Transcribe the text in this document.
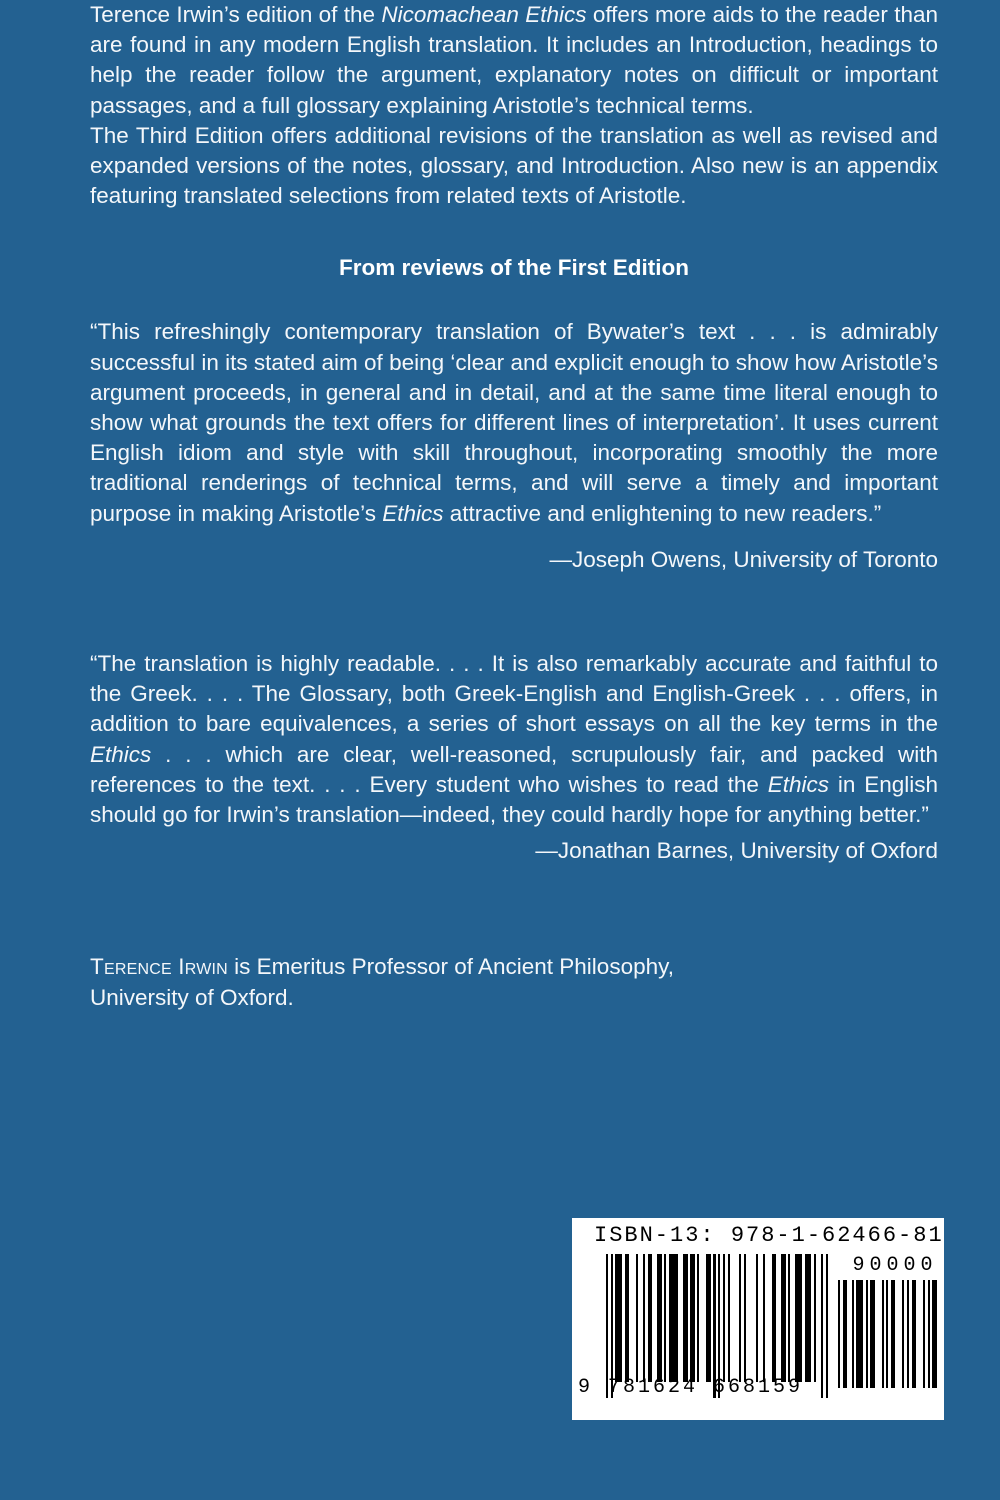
Terence Irwin’s edition of the Nicomachean Ethics offers more aids to the reader than are found in any modern English translation. It includes an Introduction, headings to help the reader follow the argument, explanatory notes on difficult or important passages, and a full glossary explaining Aristotle’s technical terms.

The Third Edition offers additional revisions of the translation as well as revised and expanded versions of the notes, glossary, and Introduction. Also new is an appendix featuring translated selections from related texts of Aristotle.

From reviews of the First Edition

“This refreshingly contemporary translation of Bywater’s text . . . is admirably successful in its stated aim of being ‘clear and explicit enough to show how Aristotle’s argument proceeds, in general and in detail, and at the same time literal enough to show what grounds the text offers for different lines of interpretation’. It uses current English idiom and style with skill throughout, incorporating smoothly the more traditional renderings of technical terms, and will serve a timely and important purpose in making Aristotle’s Ethics attractive and enlightening to new readers.”

—Joseph Owens, University of Toronto

“The translation is highly readable. . . . It is also remarkably accurate and faithful to the Greek. . . . The Glossary, both Greek-English and English-Greek . . . offers, in addition to bare equivalences, a series of short essays on all the key terms in the Ethics . . . which are clear, well-reasoned, scrupulously fair, and packed with references to the text. . . . Every student who wishes to read the Ethics in English should go for Irwin’s translation—indeed, they could hardly hope for anything better.”

—Jonathan Barnes, University of Oxford

Terence Irwin is Emeritus Professor of Ancient Philosophy,
University of Oxford.

ISBN-13: 978-1-62466-81
9 781624 668159
90000
